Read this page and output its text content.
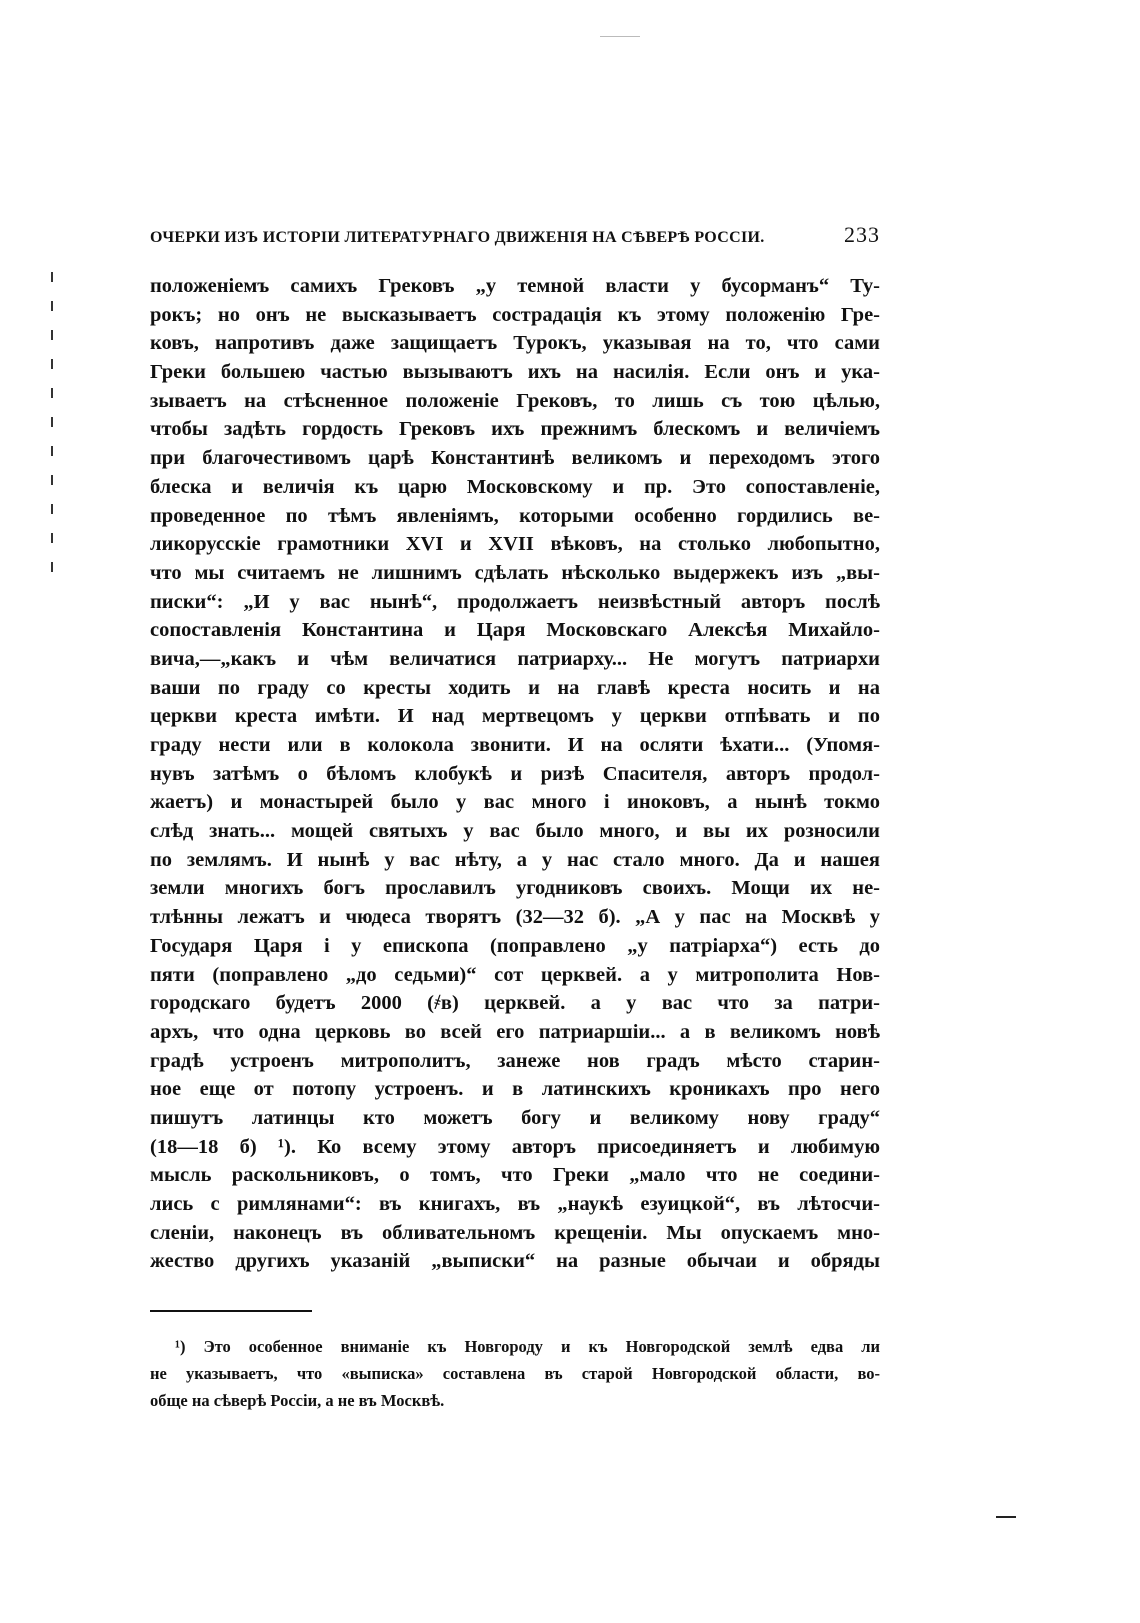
ОЧЕРКИ ИЗЪ ИСТОРІИ ЛИТЕРАТУРНАГО ДВИЖЕНІЯ НА СѢВЕРѢ РОССІИ.	233
положеніемъ самихъ Грековъ „у темной власти у бусорманъ“ Ту-
рокъ; но онъ не высказываетъ сострадація къ этому положенію Гре-
ковъ, напротивъ даже защищаетъ Турокъ, указывая на то, что сами
Греки большею частью вызываютъ ихъ на насилія. Если онъ и ука-
зываетъ на стѣсненное положеніе Грековъ, то лишь съ тою цѣлью,
чтобы задѣть гордость Грековъ ихъ прежнимъ блескомъ и величіемъ
при благочестивомъ царѣ Константинѣ великомъ и переходомъ этого
блеска и величія къ царю Московскому и пр. Это сопоставленіе,
проведенное по тѣмъ явленіямъ, которыми особенно гордились ве-
ликорусскіе грамотники XVI и XVII вѣковъ, на столько любопытно,
что мы считаемъ не лишнимъ сдѣлать нѣсколько выдержекъ изъ „вы-
писки“: „И у вас нынѣ“, продолжаетъ неизвѣстный авторъ послѣ
сопоставленія Константина и Царя Московскаго Алексѣя Михайло-
вича,—„какъ и чѣм величатися патриарху... Не могутъ патриархи
ваши по граду со кресты ходить и на главѣ креста носить и на
церкви креста имѣти. И над мертвецомъ у церкви отпѣвать и по
граду нести или в колокола звонити. И на осляти ѣхати... (Упомя-
нувъ затѣмъ о бѣломъ клобукѣ и ризѣ Спасителя, авторъ продол-
жаетъ) и монастырей было у вас много і иноковъ, а нынѣ токмо
слѣд знать... мощей святыхъ у вас было много, и вы их розносили
по землямъ. И нынѣ у вас нѣту, а у нас стало много. Да и нашея
земли многихъ богъ прославилъ угодниковъ своихъ. Мощи их не-
тлѣнны лежатъ и чюдеса творятъ (32—32 б). „А у пас на Москвѣ у
Государя Царя і у епископа (поправлено „у патріарха“) есть до
пяти (поправлено „до седьми)“ сот церквей. а у митрополита Нов-
городскаго будетъ 2000 (҂в) церквей. а у вас что за патри-
архъ, что одна церковь во всей его патриаршіи... а в великомъ новѣ
градѣ устроенъ митрополитъ, занеже нов градъ мѣсто старин-
ное еще от потопу устроенъ. и в латинскихъ кроникахъ про него
пишутъ латинцы кто можетъ богу и великому нову граду“
(18—18 б) ¹). Ко всему этому авторъ присоединяетъ и любимую
мысль раскольниковъ, о томъ, что Греки „мало что не соедини-
лись с римлянами“: въ книгахъ, въ „наукѣ езуицкой“, въ лѣтосчи-
сленіи, наконецъ въ обливательномъ крещеніи. Мы опускаемъ мно-
жество другихъ указаній „выписки“ на разные обычаи и обряды
¹) Это особенное вниманіе къ Новгороду и къ Новгородской землѣ едва ли
не указываетъ, что «выписка» составлена въ старой Новгородской области, во-
обще на сѣверѣ Россіи, а не въ Москвѣ.
